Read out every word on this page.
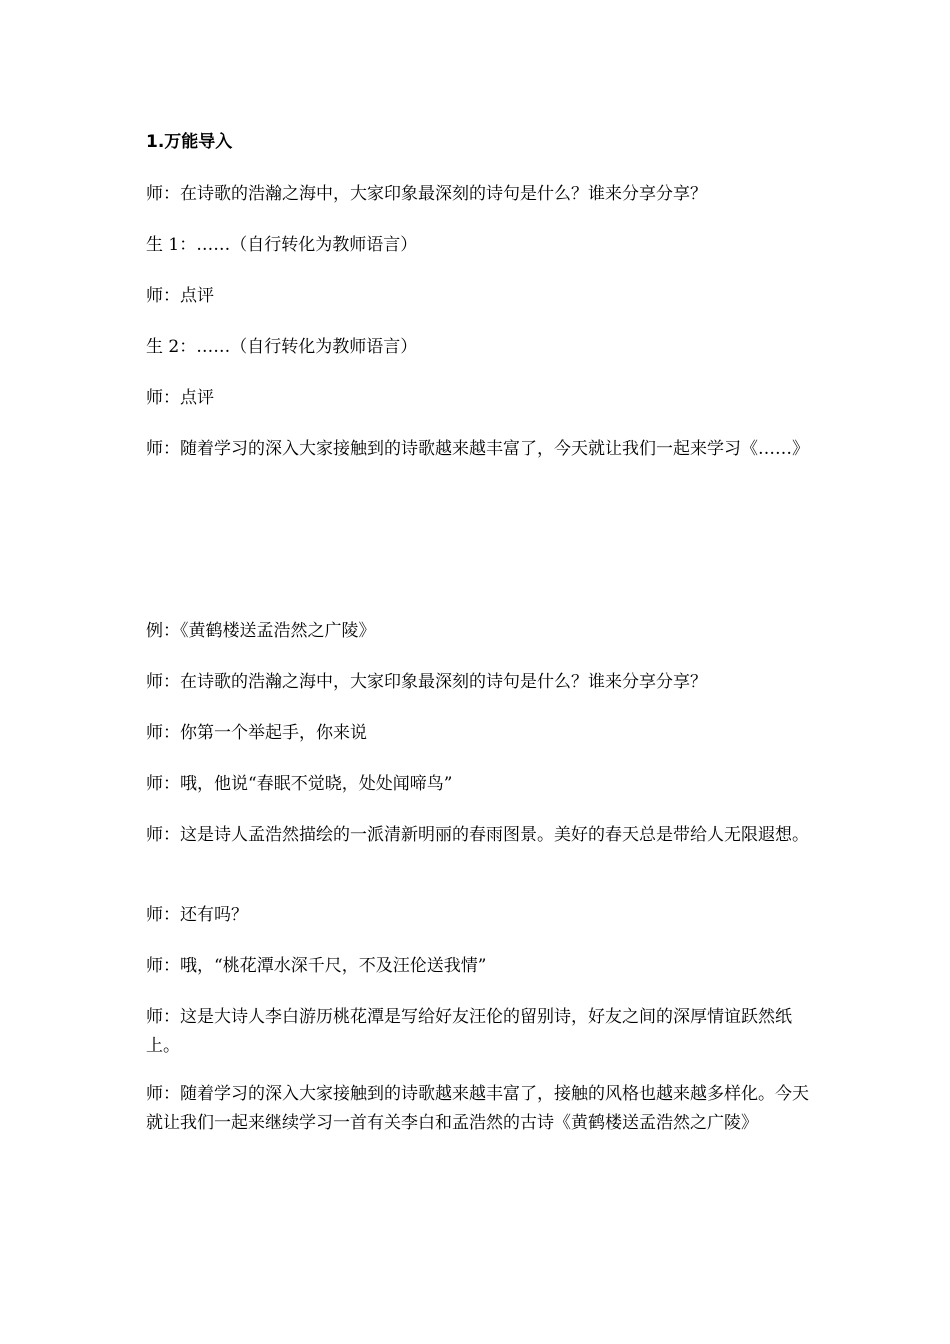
1.万能导入

师：在诗歌的浩瀚之海中，大家印象最深刻的诗句是什么？谁来分享分享？

生 1：……（自行转化为教师语言）

师：点评

生 2：……（自行转化为教师语言）

师：点评

师：随着学习的深入大家接触到的诗歌越来越丰富了，今天就让我们一起来学习《……》

例：《黄鹤楼送孟浩然之广陵》

师：在诗歌的浩瀚之海中，大家印象最深刻的诗句是什么？谁来分享分享？

师：你第一个举起手，你来说

师：哦，他说“春眠不觉晓，处处闻啼鸟”

师：这是诗人孟浩然描绘的一派清新明丽的春雨图景。美好的春天总是带给人无限遐想。

师：还有吗？

师：哦，“桃花潭水深千尺，不及汪伦送我情”

师：这是大诗人李白游历桃花潭是写给好友汪伦的留别诗，好友之间的深厚情谊跃然纸上。

师：随着学习的深入大家接触到的诗歌越来越丰富了，接触的风格也越来越多样化。今天就让我们一起来继续学习一首有关李白和孟浩然的古诗《黄鹤楼送孟浩然之广陵》
